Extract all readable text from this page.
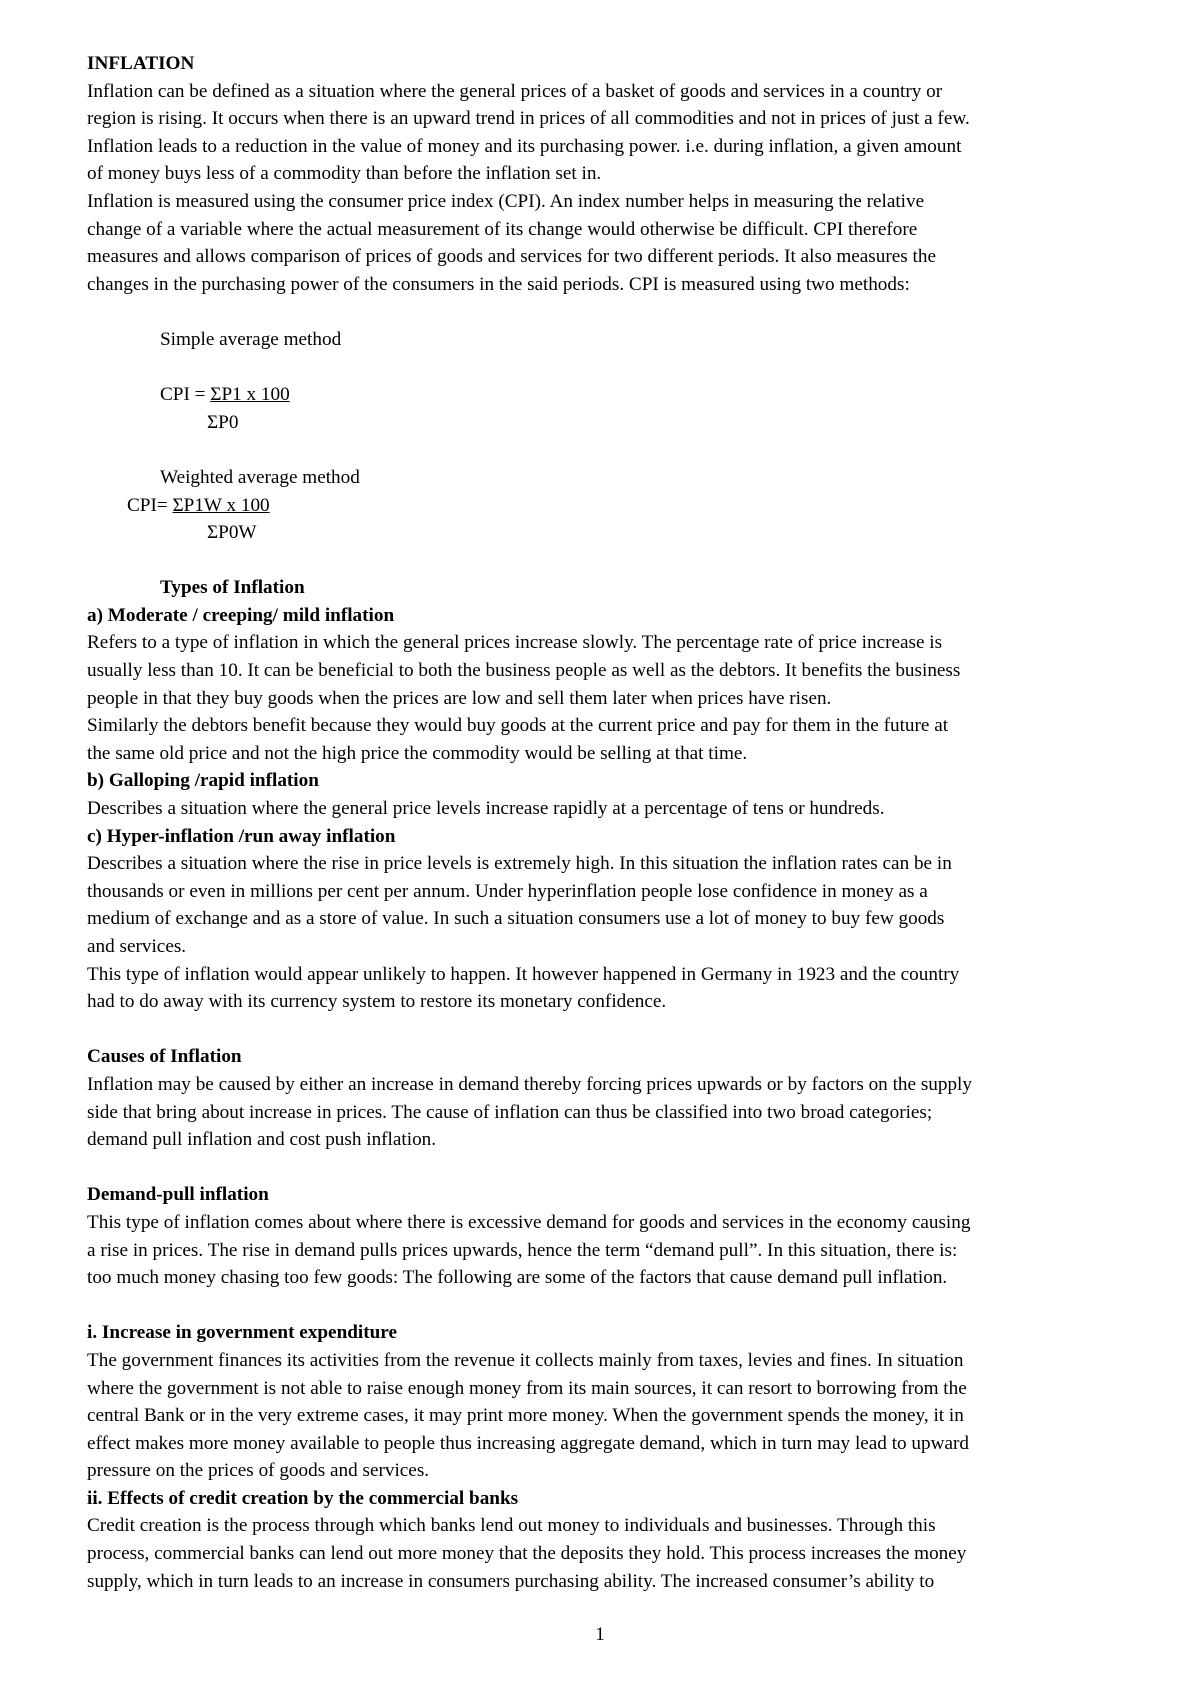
INFLATION
Inflation can be defined as a situation where the general prices of a basket of goods and services in a country or
region is rising. It occurs when there is an upward trend in prices of all commodities and not in prices of just a few.
Inflation leads to a reduction in the value of money and its purchasing power. i.e. during inflation, a given amount
of money buys less of a commodity than before the inflation set in.
Inflation is measured using the consumer price index (CPI). An index number helps in measuring the relative
change of a variable where the actual measurement of its change would otherwise be difficult. CPI therefore
measures and allows comparison of prices of goods and services for two different periods. It also measures the
changes in the purchasing power of the consumers in the said periods. CPI is measured using two methods:
Simple average method
CPI = ΣP1 x 100
ΣP0
Weighted average method
CPI= ΣP1W x 100
ΣP0W
Types of Inflation
a) Moderate / creeping/ mild inflation
Refers to a type of inflation in which the general prices increase slowly. The percentage rate of price increase is
usually less than 10. It can be beneficial to both the business people as well as the debtors. It benefits the business
people in that they buy goods when the prices are low and sell them later when prices have risen.
Similarly the debtors benefit because they would buy goods at the current price and pay for them in the future at
the same old price and not the high price the commodity would be selling at that time.
b) Galloping /rapid inflation
Describes a situation where the general price levels increase rapidly at a percentage of tens or hundreds.
c) Hyper-inflation /run away inflation
Describes a situation where the rise in price levels is extremely high. In this situation the inflation rates can be in
thousands or even in millions per cent per annum. Under hyperinflation people lose confidence in money as a
medium of exchange and as a store of value. In such a situation consumers use a lot of money to buy few goods
and services.
This type of inflation would appear unlikely to happen. It however happened in Germany in 1923 and the country
had to do away with its currency system to restore its monetary confidence.
Causes of Inflation
Inflation may be caused by either an increase in demand thereby forcing prices upwards or by factors on the supply
side that bring about increase in prices. The cause of inflation can thus be classified into two broad categories;
demand pull inflation and cost push inflation.
Demand-pull inflation
This type of inflation comes about where there is excessive demand for goods and services in the economy causing
a rise in prices. The rise in demand pulls prices upwards, hence the term “demand pull”. In this situation, there is:
too much money chasing too few goods: The following are some of the factors that cause demand pull inflation.
i. Increase in government expenditure
The government finances its activities from the revenue it collects mainly from taxes, levies and fines. In situation
where the government is not able to raise enough money from its main sources, it can resort to borrowing from the
central Bank or in the very extreme cases, it may print more money. When the government spends the money, it in
effect makes more money available to people thus increasing aggregate demand, which in turn may lead to upward
pressure on the prices of goods and services.
ii. Effects of credit creation by the commercial banks
Credit creation is the process through which banks lend out money to individuals and businesses. Through this
process, commercial banks can lend out more money that the deposits they hold. This process increases the money
supply, which in turn leads to an increase in consumers purchasing ability. The increased consumer’s ability to
1
